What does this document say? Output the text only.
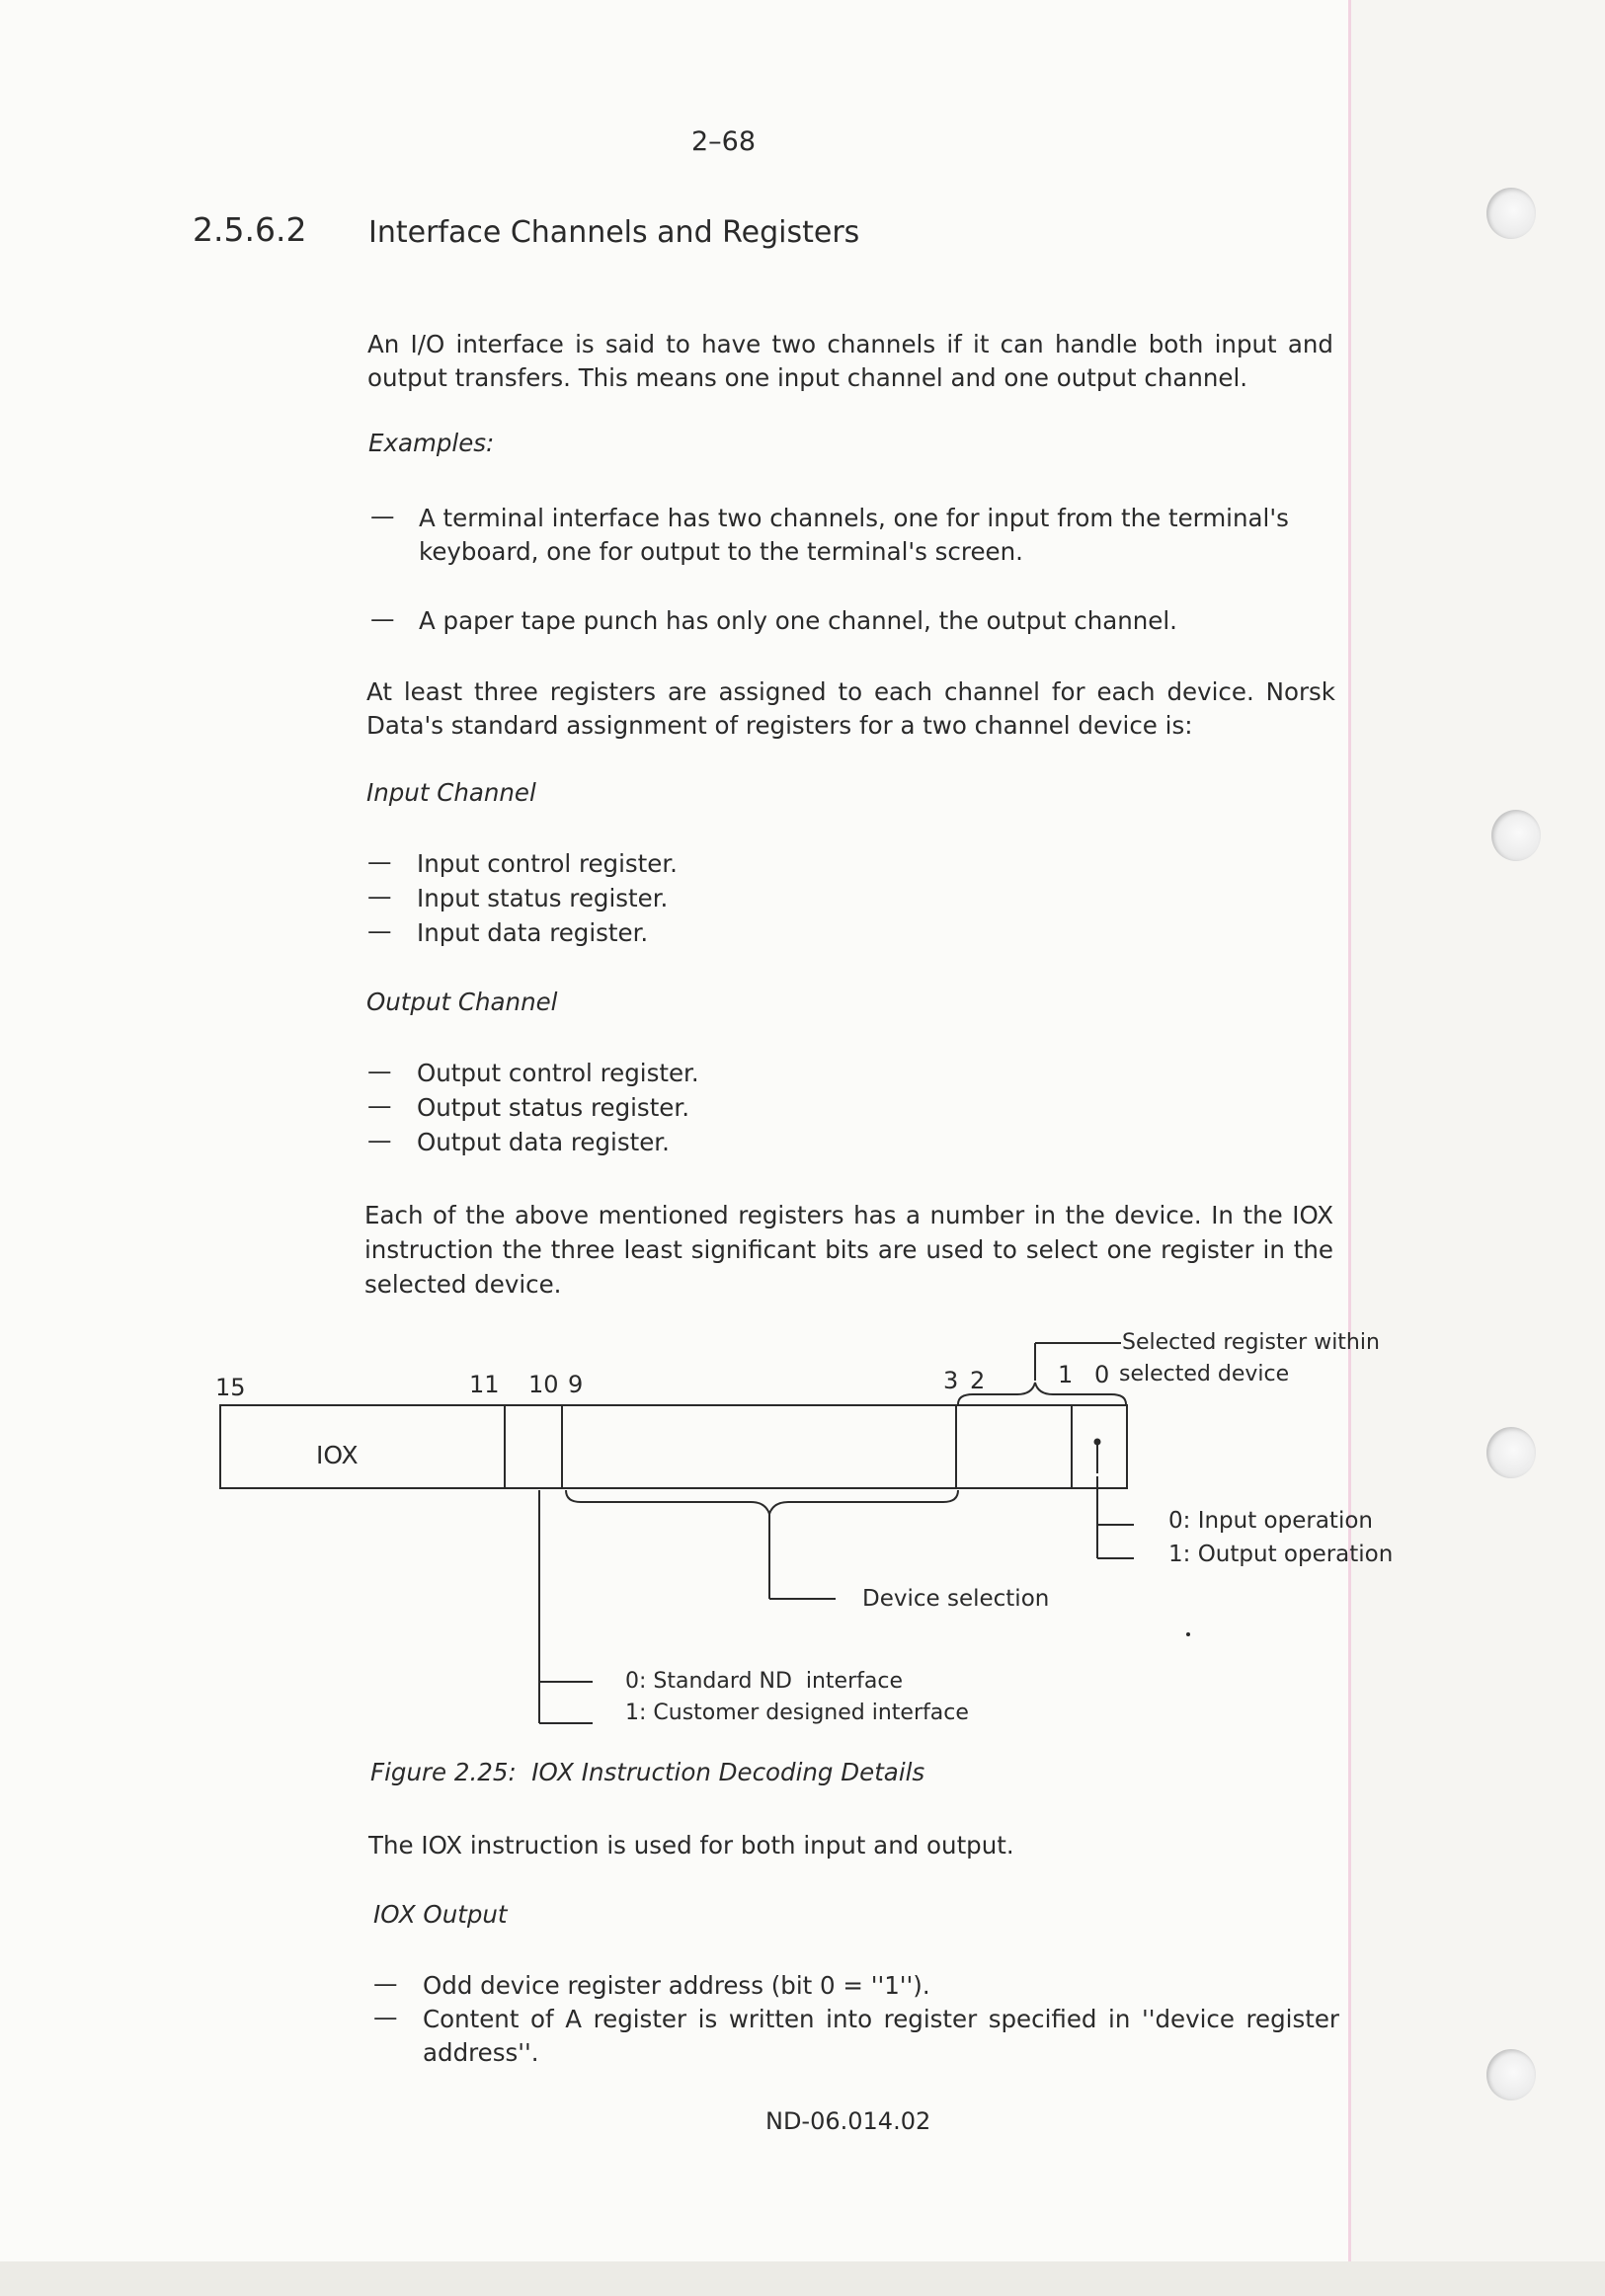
2–68
2.5.6.2 Interface Channels and Registers
An I/O interface is said to have two channels if it can handle both input and
output transfers. This means one input channel and one output channel.
Examples:
— A terminal interface has two channels, one for input from the terminal's
keyboard, one for output to the terminal's screen.
— A paper tape punch has only one channel, the output channel.
At least three registers are assigned to each channel for each device. Norsk
Data's standard assignment of registers for a two channel device is:
Input Channel
— Input control register.
— Input status register.
— Input data register.
Output Channel
— Output control register.
— Output status register.
— Output data register.
Each of the above mentioned registers has a number in the device. In the IOX
instruction the three least significant bits are used to select one register in the
selected device.
15	11 10 9	3 2	1 0
IOX
Selected register within
selected device
0: Input operation
1: Output operation
Device selection
0: Standard ND  interface
1: Customer designed interface
Figure 2.25:  IOX Instruction Decoding Details
The IOX instruction is used for both input and output.
IOX Output
— Odd device register address (bit 0 = ''1'').
— Content of A register is written into register specified in ''device register
address''.
ND-06.014.02
